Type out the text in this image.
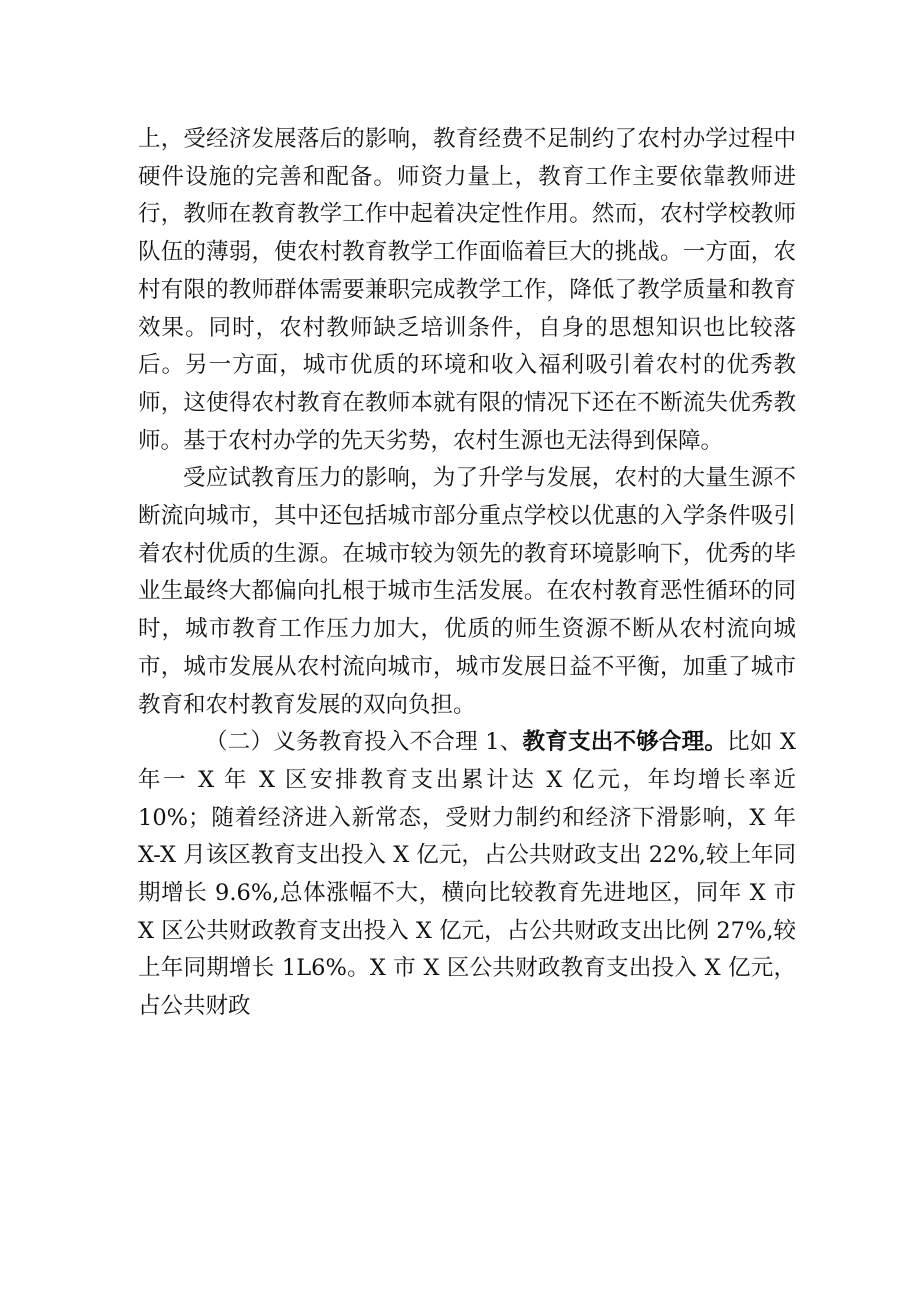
上，受经济发展落后的影响，教育经费不足制约了农村办学过程中硬件设施的完善和配备。师资力量上，教育工作主要依靠教师进行，教师在教育教学工作中起着决定性作用。然而，农村学校教师队伍的薄弱，使农村教育教学工作面临着巨大的挑战。一方面，农村有限的教师群体需要兼职完成教学工作，降低了教学质量和教育效果。同时，农村教师缺乏培训条件，自身的思想知识也比较落后。另一方面，城市优质的环境和收入福利吸引着农村的优秀教师，这使得农村教育在教师本就有限的情况下还在不断流失优秀教师。基于农村办学的先天劣势，农村生源也无法得到保障。

受应试教育压力的影响，为了升学与发展，农村的大量生源不断流向城市，其中还包括城市部分重点学校以优惠的入学条件吸引着农村优质的生源。在城市较为领先的教育环境影响下，优秀的毕业生最终大都偏向扎根于城市生活发展。在农村教育恶性循环的同时，城市教育工作压力加大，优质的师生资源不断从农村流向城市，城市发展从农村流向城市，城市发展日益不平衡，加重了城市教育和农村教育发展的双向负担。

（二）义务教育投入不合理 1、教育支出不够合理。比如 X 年一 X 年 X 区安排教育支出累计达 X 亿元，年均增长率近 10%；随着经济进入新常态，受财力制约和经济下滑影响，X 年 X-X 月该区教育支出投入 X 亿元，占公共财政支出 22%,较上年同期增长 9.6%,总体涨幅不大，横向比较教育先进地区，同年 X 市 X 区公共财政教育支出投入 X 亿元，占公共财政支出比例 27%,较上年同期增长 1L6%。X 市 X 区公共财政教育支出投入 X 亿元，占公共财政
